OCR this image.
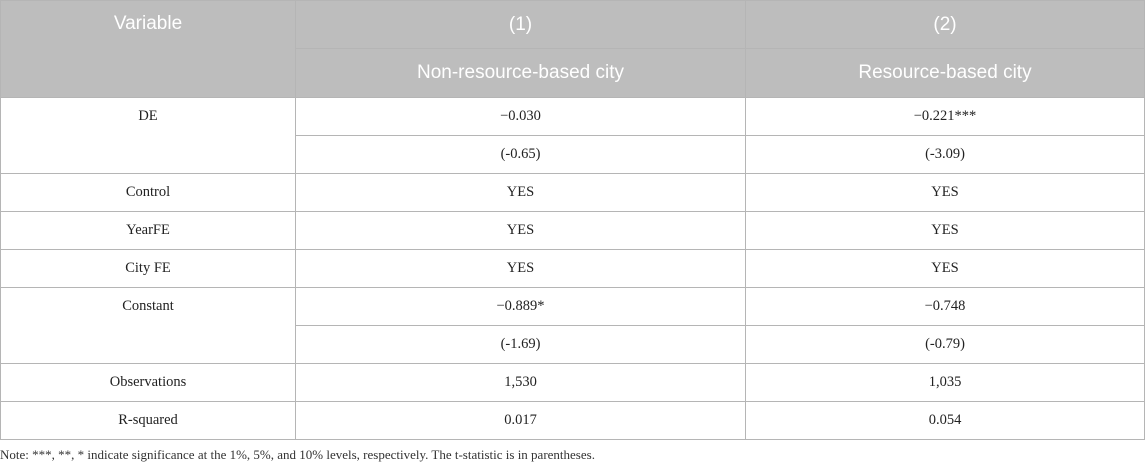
Variable	(1)	(2)
	Non-resource-based city	Resource-based city
DE	−0.030	−0.221***
	(-0.65)	(-3.09)
Control	YES	YES
YearFE	YES	YES
City FE	YES	YES
Constant	−0.889*	−0.748
	(-1.69)	(-0.79)
Observations	1,530	1,035
R-squared	0.017	0.054
Note: ***, **, * indicate significance at the 1%, 5%, and 10% levels, respectively. The t-statistic is in parentheses.
